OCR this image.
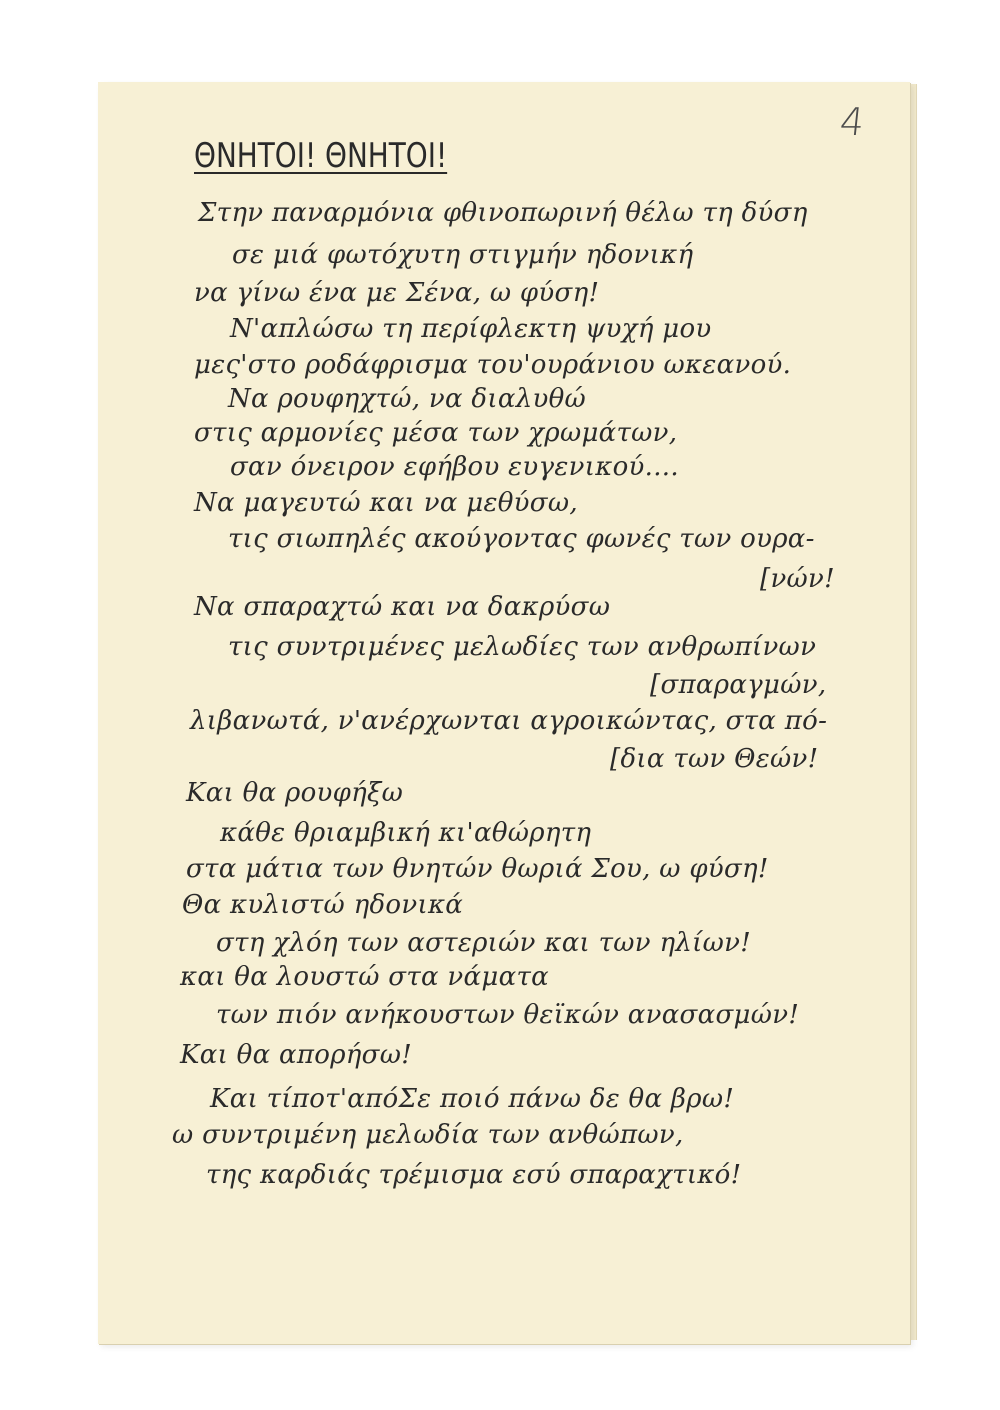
4
ΘΝΗΤΟΙ! ΘΝΗΤΟΙ!
Στην παναρμόνια φθινοπωρινή θέλω τη δύση
σε μιά φωτόχυτη στιγμήν ηδονική
να γίνω ένα με Σένα, ω φύση!
Ν'απλώσω τη περίφλεκτη ψυχή μου
μες'στο ροδάφρισμα του'ουράνιου ωκεανού.
Να ρουφηχτώ, να διαλυθώ
στις αρμονίες μέσα των χρωμάτων,
σαν όνειρον εφήβου ευγενικού....
Να μαγευτώ και να μεθύσω,
τις σιωπηλές ακούγοντας φωνές των ουρα-
[νών!
Να σπαραχτώ και να δακρύσω
τις συντριμένες μελωδίες των ανθρωπίνων
[σπαραγμών,
λιβανωτά, ν'ανέρχωνται αγροικώντας, στα πό-
[δια των Θεών!
Και θα ρουφήξω
κάθε θριαμβική κι'αθώρητη
στα μάτια των θνητών θωριά Σου, ω φύση!
Θα κυλιστώ ηδονικά
στη χλόη των αστεριών και των ηλίων!
και θα λουστώ στα νάματα
των πιόν ανήκουστων θεϊκών ανασασμών!
Και θα απορήσω!
Και τίποτ'απόΣε ποιό πάνω δε θα βρω!
ω συντριμένη μελωδία των ανθώπων,
της καρδιάς τρέμισμα εσύ σπαραχτικό!
